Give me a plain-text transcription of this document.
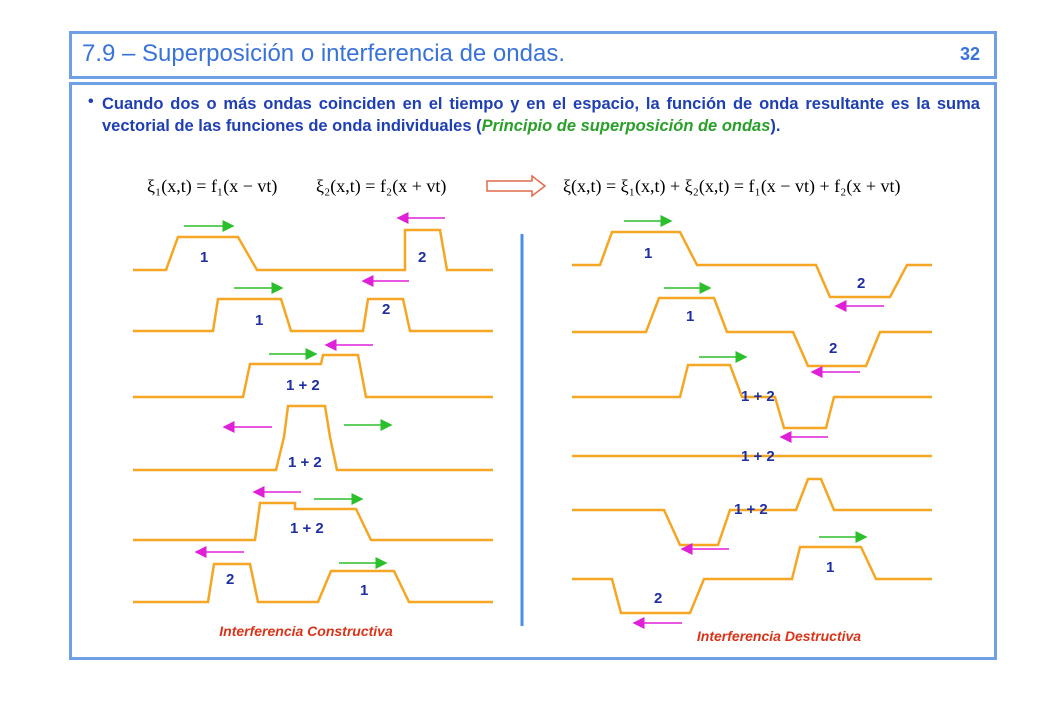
7.9 – Superposición o interferencia de ondas.	32
• Cuando dos o más ondas coinciden en el tiempo y en el espacio, la función de onda resultante es la suma vectorial de las funciones de onda individuales (Principio de superposición de ondas).
ξ₁(x,t) = f₁(x − vt) ξ₂(x,t) = f₂(x + vt)	ξ(x,t) = ξ₁(x,t) + ξ₂(x,t) = f₁(x − vt) + f₂(x + vt)
1	2
1
2
1 + 2
1 + 2
1 + 2
2
1
Interferencia Constructiva
1
2
1
2
1 + 2
1 + 2
1 + 2
1
2
Interferencia Destructiva
